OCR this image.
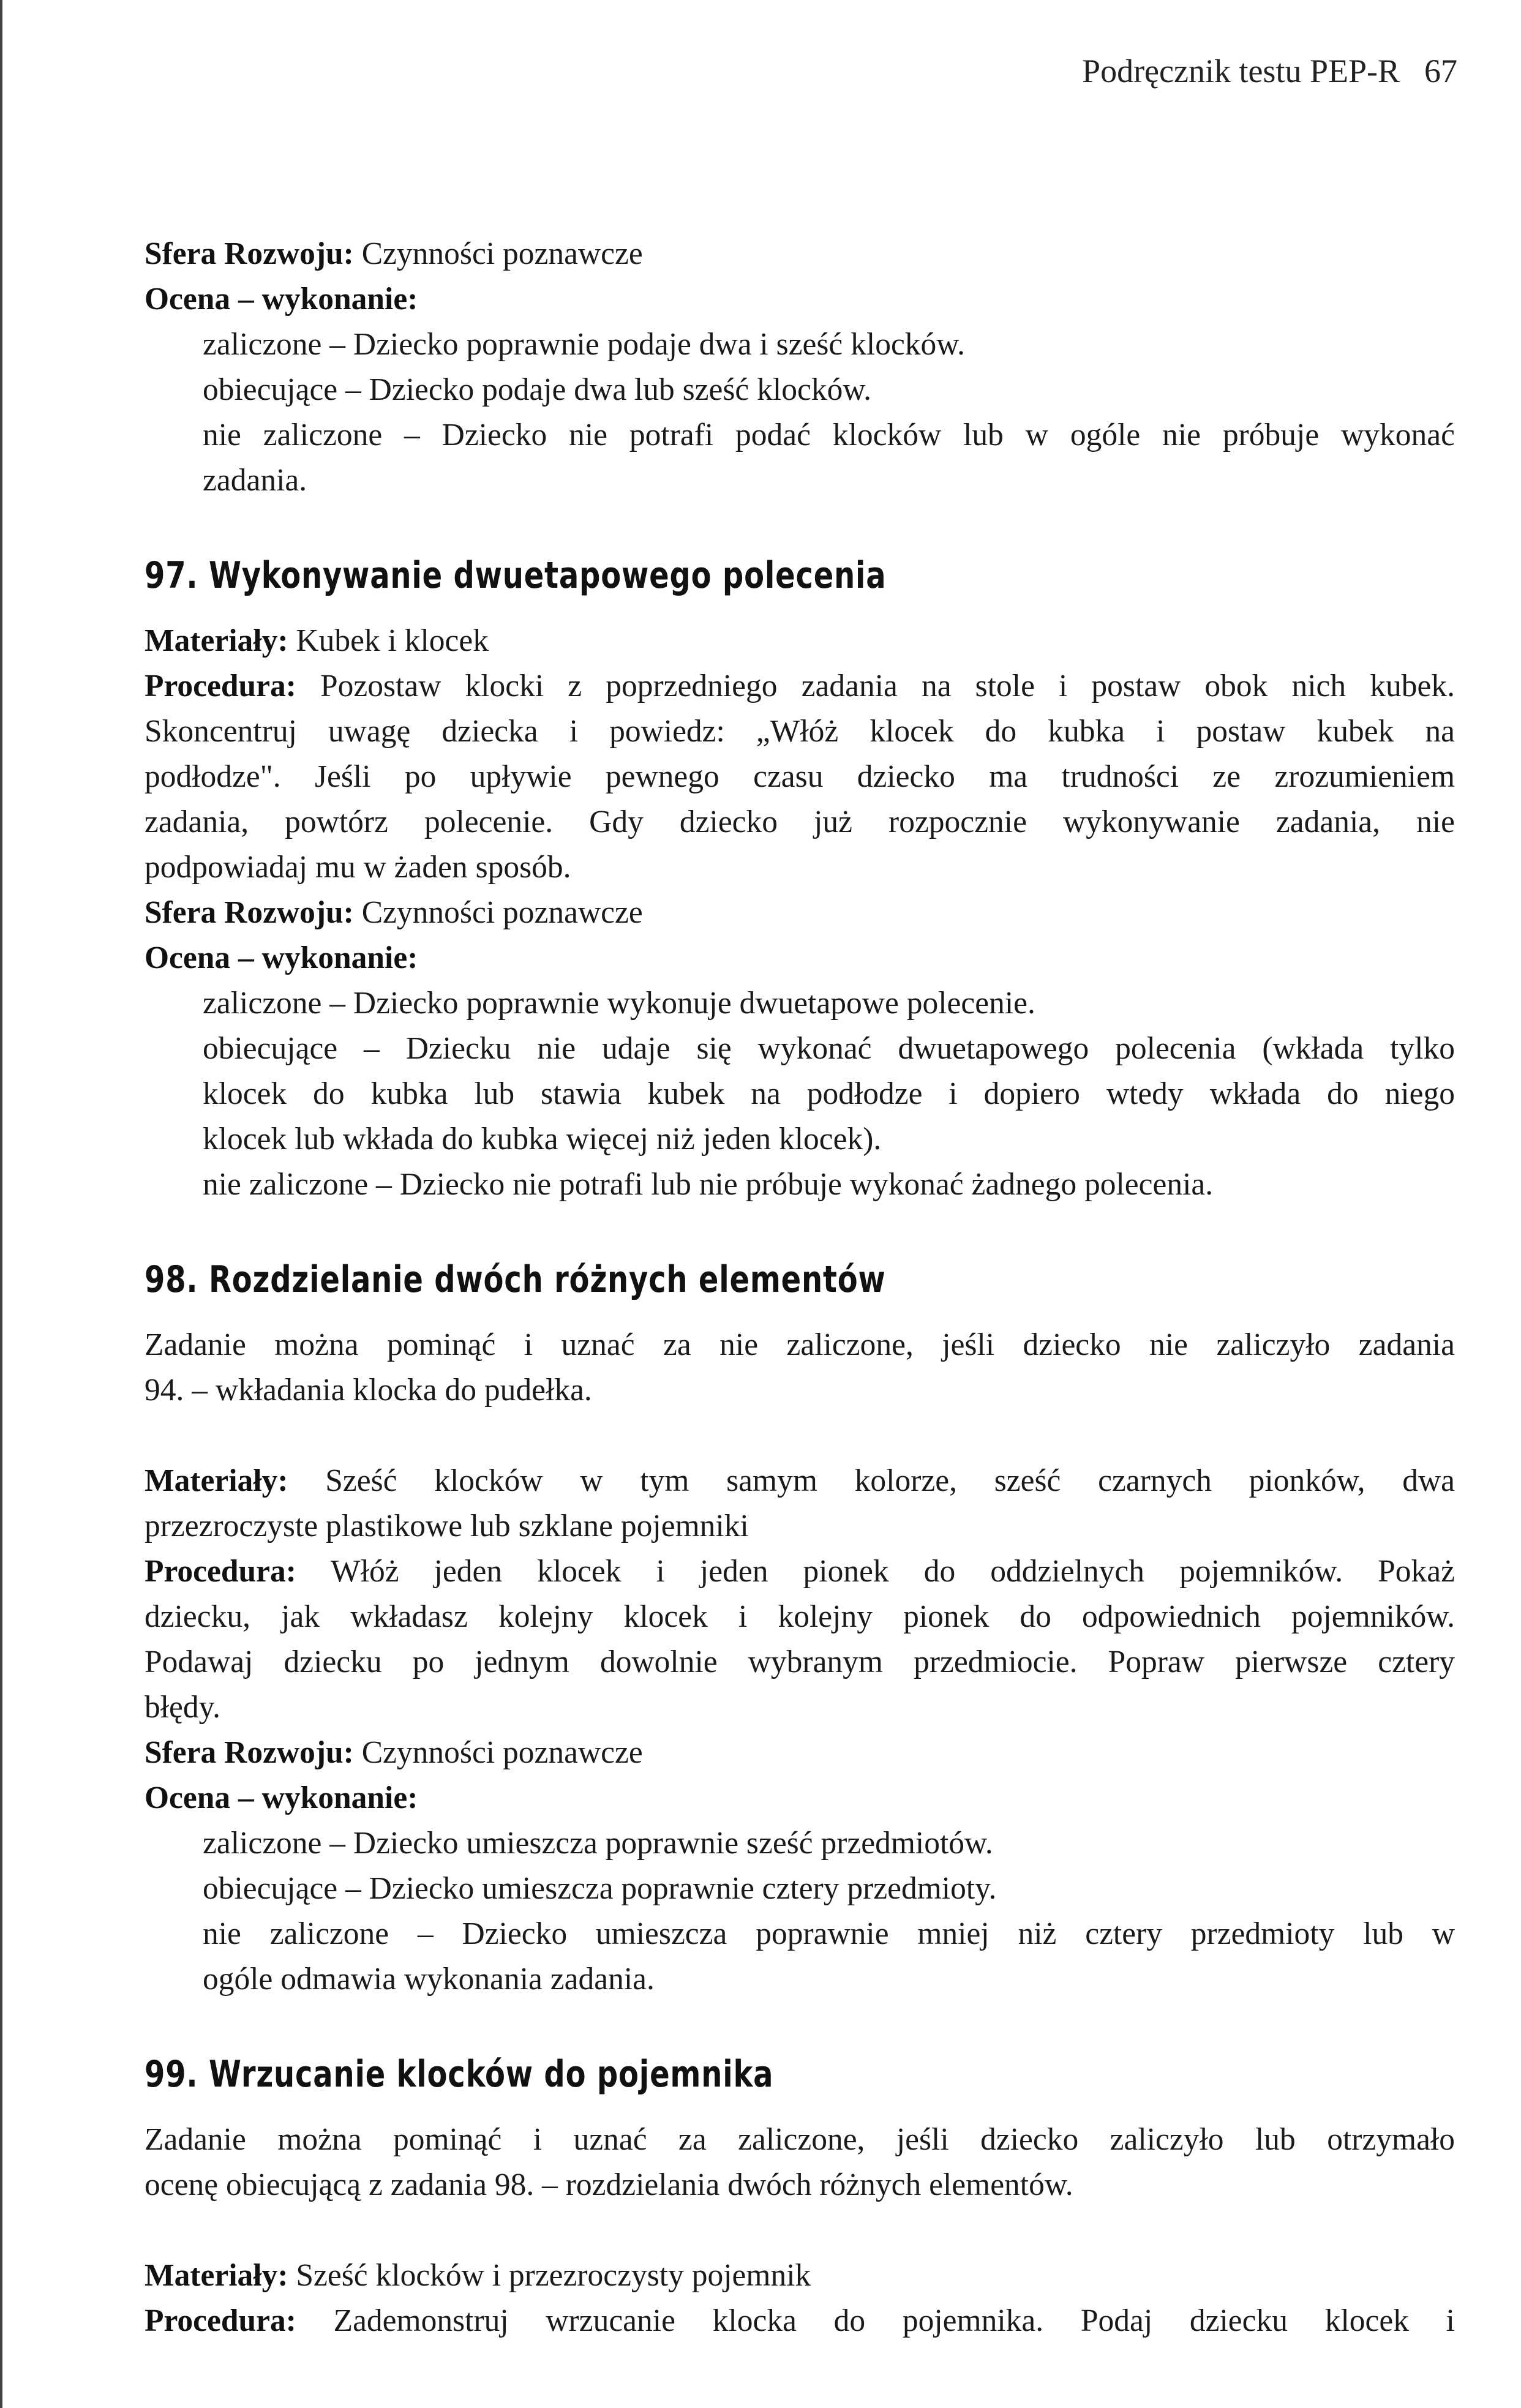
Podręcznik testu PEP-R 67
Sfera Rozwoju: Czynności poznawcze
Ocena – wykonanie:
zaliczone – Dziecko poprawnie podaje dwa i sześć klocków.
obiecujące – Dziecko podaje dwa lub sześć klocków.
nie zaliczone – Dziecko nie potrafi podać klocków lub w ogóle nie próbuje wykonać
zadania.
97. Wykonywanie dwuetapowego polecenia
Materiały: Kubek i klocek
Procedura: Pozostaw klocki z poprzedniego zadania na stole i postaw obok nich kubek.
Skoncentruj uwagę dziecka i powiedz: „Włóż klocek do kubka i postaw kubek na
podłodze". Jeśli po upływie pewnego czasu dziecko ma trudności ze zrozumieniem
zadania, powtórz polecenie. Gdy dziecko już rozpocznie wykonywanie zadania, nie
podpowiadaj mu w żaden sposób.
Sfera Rozwoju: Czynności poznawcze
Ocena – wykonanie:
zaliczone – Dziecko poprawnie wykonuje dwuetapowe polecenie.
obiecujące – Dziecku nie udaje się wykonać dwuetapowego polecenia (wkłada tylko
klocek do kubka lub stawia kubek na podłodze i dopiero wtedy wkłada do niego
klocek lub wkłada do kubka więcej niż jeden klocek).
nie zaliczone – Dziecko nie potrafi lub nie próbuje wykonać żadnego polecenia.
98. Rozdzielanie dwóch różnych elementów
Zadanie można pominąć i uznać za nie zaliczone, jeśli dziecko nie zaliczyło zadania
94. – wkładania klocka do pudełka.
Materiały: Sześć klocków w tym samym kolorze, sześć czarnych pionków, dwa
przezroczyste plastikowe lub szklane pojemniki
Procedura: Włóż jeden klocek i jeden pionek do oddzielnych pojemników. Pokaż
dziecku, jak wkładasz kolejny klocek i kolejny pionek do odpowiednich pojemników.
Podawaj dziecku po jednym dowolnie wybranym przedmiocie. Popraw pierwsze cztery
błędy.
Sfera Rozwoju: Czynności poznawcze
Ocena – wykonanie:
zaliczone – Dziecko umieszcza poprawnie sześć przedmiotów.
obiecujące – Dziecko umieszcza poprawnie cztery przedmioty.
nie zaliczone – Dziecko umieszcza poprawnie mniej niż cztery przedmioty lub w
ogóle odmawia wykonania zadania.
99. Wrzucanie klocków do pojemnika
Zadanie można pominąć i uznać za zaliczone, jeśli dziecko zaliczyło lub otrzymało
ocenę obiecującą z zadania 98. – rozdzielania dwóch różnych elementów.
Materiały: Sześć klocków i przezroczysty pojemnik
Procedura: Zademonstruj wrzucanie klocka do pojemnika. Podaj dziecku klocek i
